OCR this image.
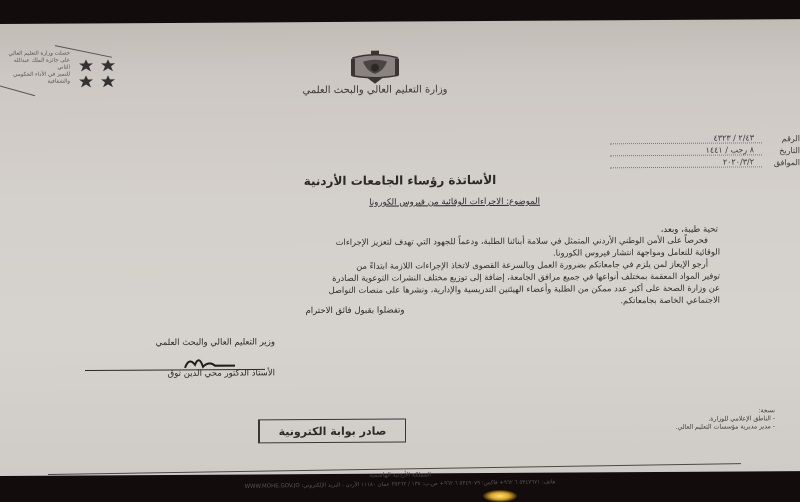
حصلت وزارة التعليم العالي
على جائزة الملك عبدالله الثاني
للتميز في الأداء الحكومي
والشفافية
وزارة التعليم العالي والبحث العلمي
الرقم
٢/٤٣ / ٤٣٢٣
التاريخ
٨ رجب / ١٤٤١
الموافق
٢٠٢٠/٣/٢
الأساتذة رؤساء الجامعات الأردنية
الموضوع: الاجراءات الوقائية من فيروس الكورونا
تحية طيبة، وبعد،
فحرصاً على الأمن الوطني الأردني المتمثل في سلامة أبنائنا الطلبة، ودعماً للجهود التي تهدف لتعزيز الإجراءات
الوقائية للتعامل ومواجهة انتشار فيروس الكورونا.
أرجو الإيعاز لمن يلزم في جامعاتكم بضرورة العمل وبالسرعة القصوى لاتخاذ الإجراءات اللازمة ابتداءً من
توفير المواد المعقمة بمختلف أنواعها في جميع مرافق الجامعة، إضافة إلى توزيع مختلف النشرات التوعوية الصادرة
عن وزارة الصحة على أكبر عدد ممكن من الطلبة وأعضاء الهيئتين التدريسية والإدارية، ونشرها على منصات التواصل
الاجتماعي الخاصة بجامعاتكم.
وتفضلوا بقبول فائق الاحترام
وزير التعليم العالي والبحث العلمي
الأستاذ الدكتور محي الدين توق
نسخة:
- الناطق الإعلامي للوزارة.
- مدير مديرية مؤسسات التعليم العالي.
صادر بوابة الكترونية
المملكة الأردنية الهاشمية
هاتف: ٥٣٤٧٦٧١ ٦ ٩٦٢+ فاكس: ٥٣٤٩٠٧٩ ٦ ٩٦٢+ ص.ب: ١٣٨ / ٣٥٢٦٢ عمان ١١١٨٠ الأردن ، البريد الإلكتروني: WWW.MOHE.GOV.JO
